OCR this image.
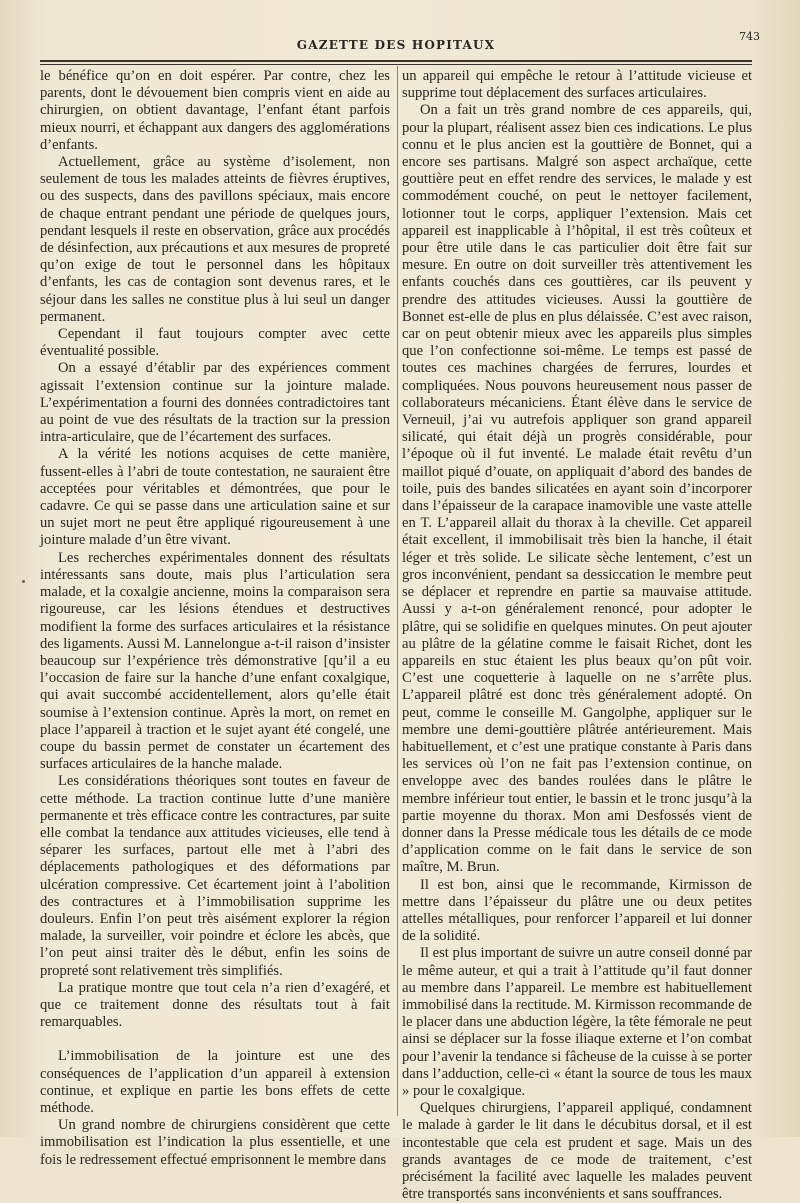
GAZETTE DES HOPITAUX
743

le bénéfice qu’on en doit espérer. Par contre, chez les parents, dont le dévouement bien compris vient en aide au chirurgien, on obtient davantage, l’enfant étant parfois mieux nourri, et échappant aux dangers des agglomérations d’enfants.

Actuellement, grâce au système d’isolement, non seulement de tous les malades atteints de fièvres éruptives, ou des suspects, dans des pavillons spéciaux, mais encore de chaque entrant pendant une période de quelques jours, pendant lesquels il reste en observation, grâce aux procédés de désinfection, aux précautions et aux mesures de propreté qu’on exige de tout le personnel dans les hôpitaux d’enfants, les cas de contagion sont devenus rares, et le séjour dans les salles ne constitue plus à lui seul un danger permanent.

Cependant il faut toujours compter avec cette éventualité possible.

On a essayé d’établir par des expériences comment agissait l’extension continue sur la jointure malade. L’expérimentation a fourni des données contradictoires tant au point de vue des résultats de la traction sur la pression intra-articulaire, que de l’écartement des surfaces.

A la vérité les notions acquises de cette manière, fussent-elles à l’abri de toute contestation, ne sauraient être acceptées pour véritables et démontrées, que pour le cadavre. Ce qui se passe dans une articulation saine et sur un sujet mort ne peut être appliqué rigoureusement à une jointure malade d’un être vivant.

Les recherches expérimentales donnent des résultats intéressants sans doute, mais plus l’articulation sera malade, et la coxalgie ancienne, moins la comparaison sera rigoureuse, car les lésions étendues et destructives modifient la forme des surfaces articulaires et la résistance des ligaments. Aussi M. Lannelongue a-t-il raison d’insister beaucoup sur l’expérience très démonstrative [qu’il a eu l’occasion de faire sur la hanche d’une enfant coxalgique, qui avait succombé accidentellement, alors qu’elle était soumise à l’extension continue. Après la mort, on remet en place l’appareil à traction et le sujet ayant été congelé, une coupe du bassin permet de constater un écartement des surfaces articulaires de la hanche malade.

Les considérations théoriques sont toutes en faveur de cette méthode. La traction continue lutte d’une manière permanente et très efficace contre les contractures, par suite elle combat la tendance aux attitudes vicieuses, elle tend à séparer les surfaces, partout elle met à l’abri des déplacements pathologiques et des déformations par ulcération compressive. Cet écartement joint à l’abolition des contractures et à l’immobilisation supprime les douleurs. Enfin l’on peut très aisément explorer la région malade, la surveiller, voir poindre et éclore les abcès, que l’on peut ainsi traiter dès le début, enfin les soins de propreté sont relativement très simplifiés.

La pratique montre que tout cela n’a rien d’exagéré, et que ce traitement donne des résultats tout à fait remarquables.

L’immobilisation de la jointure est une des conséquences de l’application d’un appareil à extension continue, et explique en partie les bons effets de cette méthode.

Un grand nombre de chirurgiens considèrent que cette immobilisation est l’indication la plus essentielle, et une fois le redressement effectué emprisonnent le membre dans

un appareil qui empêche le retour à l’attitude vicieuse et supprime tout déplacement des surfaces articulaires.

On a fait un très grand nombre de ces appareils, qui, pour la plupart, réalisent assez bien ces indications. Le plus connu et le plus ancien est la gouttière de Bonnet, qui a encore ses partisans. Malgré son aspect archaïque, cette gouttière peut en effet rendre des services, le malade y est commodément couché, on peut le nettoyer facilement, lotionner tout le corps, appliquer l’extension. Mais cet appareil est inapplicable à l’hôpital, il est très coûteux et pour être utile dans le cas particulier doit être fait sur mesure. En outre on doit surveiller très attentivement les enfants couchés dans ces gouttières, car ils peuvent y prendre des attitudes vicieuses. Aussi la gouttière de Bonnet est-elle de plus en plus délaissée. C’est avec raison, car on peut obtenir mieux avec les appareils plus simples que l’on confectionne soi-même. Le temps est passé de toutes ces machines chargées de ferrures, lourdes et compliquées. Nous pouvons heureusement nous passer de collaborateurs mécaniciens. Étant élève dans le service de Verneuil, j’ai vu autrefois appliquer son grand appareil silicaté, qui était déjà un progrès considérable, pour l’époque où il fut inventé. Le malade était revêtu d’un maillot piqué d’ouate, on appliquait d’abord des bandes de toile, puis des bandes silicatées en ayant soin d’incorporer dans l’épaisseur de la carapace inamovible une vaste attelle en T. L’appareil allait du thorax à la cheville. Cet appareil était excellent, il immobilisait très bien la hanche, il était léger et très solide. Le silicate sèche lentement, c’est un gros inconvénient, pendant sa dessiccation le membre peut se déplacer et reprendre en partie sa mauvaise attitude. Aussi y a-t-on généralement renoncé, pour adopter le plâtre, qui se solidifie en quelques minutes. On peut ajouter au plâtre de la gélatine comme le faisait Richet, dont les appareils en stuc étaient les plus beaux qu’on pût voir. C’est une coquetterie à laquelle on ne s’arrête plus. L’appareil plâtré est donc très généralement adopté. On peut, comme le conseille M. Gangolphe, appliquer sur le membre une demi-gouttière plâtrée antérieurement. Mais habituellement, et c’est une pratique constante à Paris dans les services où l’on ne fait pas l’extension continue, on enveloppe avec des bandes roulées dans le plâtre le membre inférieur tout entier, le bassin et le tronc jusqu’à la partie moyenne du thorax. Mon ami Desfossés vient de donner dans la Presse médicale tous les détails de ce mode d’application comme on le fait dans le service de son maître, M. Brun.

Il est bon, ainsi que le recommande, Kirmisson de mettre dans l’épaisseur du plâtre une ou deux petites attelles métalliques, pour renforcer l’appareil et lui donner de la solidité.

Il est plus important de suivre un autre conseil donné par le même auteur, et qui a trait à l’attitude qu’il faut donner au membre dans l’appareil. Le membre est habituellement immobilisé dans la rectitude. M. Kirmisson recommande de le placer dans une abduction légère, la tête fémorale ne peut ainsi se déplacer sur la fosse iliaque externe et l’on combat pour l’avenir la tendance si fâcheuse de la cuisse à se porter dans l’adduction, celle-ci « étant la source de tous les maux » pour le coxalgique.

Quelques chirurgiens, l’appareil appliqué, condamnent le malade à garder le lit dans le décubitus dorsal, et il est incontestable que cela est prudent et sage. Mais un des grands avantages de ce mode de traitement, c’est précisément la facilité avec laquelle les malades peuvent être transportés sans inconvénients et sans souffrances.
